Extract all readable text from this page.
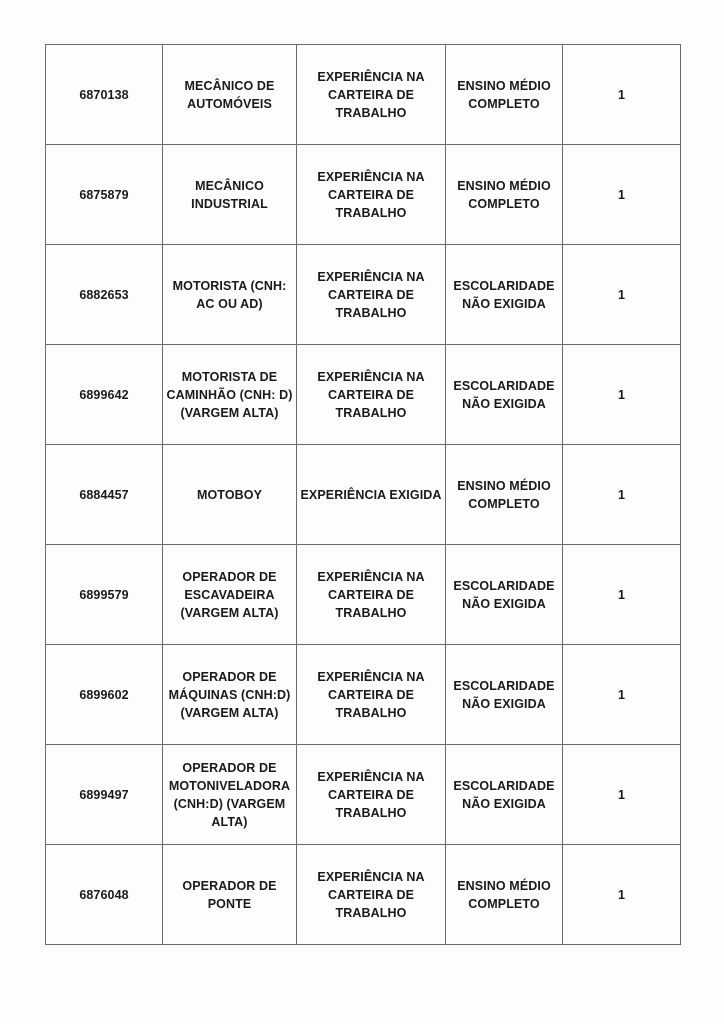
6870138	MECÂNICO DE AUTOMÓVEIS	EXPERIÊNCIA NA CARTEIRA DE TRABALHO	ENSINO MÉDIO COMPLETO	1
6875879	MECÂNICO INDUSTRIAL	EXPERIÊNCIA NA CARTEIRA DE TRABALHO	ENSINO MÉDIO COMPLETO	1
6882653	MOTORISTA (CNH: AC OU AD)	EXPERIÊNCIA NA CARTEIRA DE TRABALHO	ESCOLARIDADE NÃO EXIGIDA	1
6899642	MOTORISTA DE CAMINHÃO (CNH: D) (VARGEM ALTA)	EXPERIÊNCIA NA CARTEIRA DE TRABALHO	ESCOLARIDADE NÃO EXIGIDA	1
6884457	MOTOBOY	EXPERIÊNCIA EXIGIDA	ENSINO MÉDIO COMPLETO	1
6899579	OPERADOR DE ESCAVADEIRA (VARGEM ALTA)	EXPERIÊNCIA NA CARTEIRA DE TRABALHO	ESCOLARIDADE NÃO EXIGIDA	1
6899602	OPERADOR DE MÁQUINAS (CNH:D) (VARGEM ALTA)	EXPERIÊNCIA NA CARTEIRA DE TRABALHO	ESCOLARIDADE NÃO EXIGIDA	1
6899497	OPERADOR DE MOTONIVELADORA (CNH:D) (VARGEM ALTA)	EXPERIÊNCIA NA CARTEIRA DE TRABALHO	ESCOLARIDADE NÃO EXIGIDA	1
6876048	OPERADOR DE PONTE	EXPERIÊNCIA NA CARTEIRA DE TRABALHO	ENSINO MÉDIO COMPLETO	1
